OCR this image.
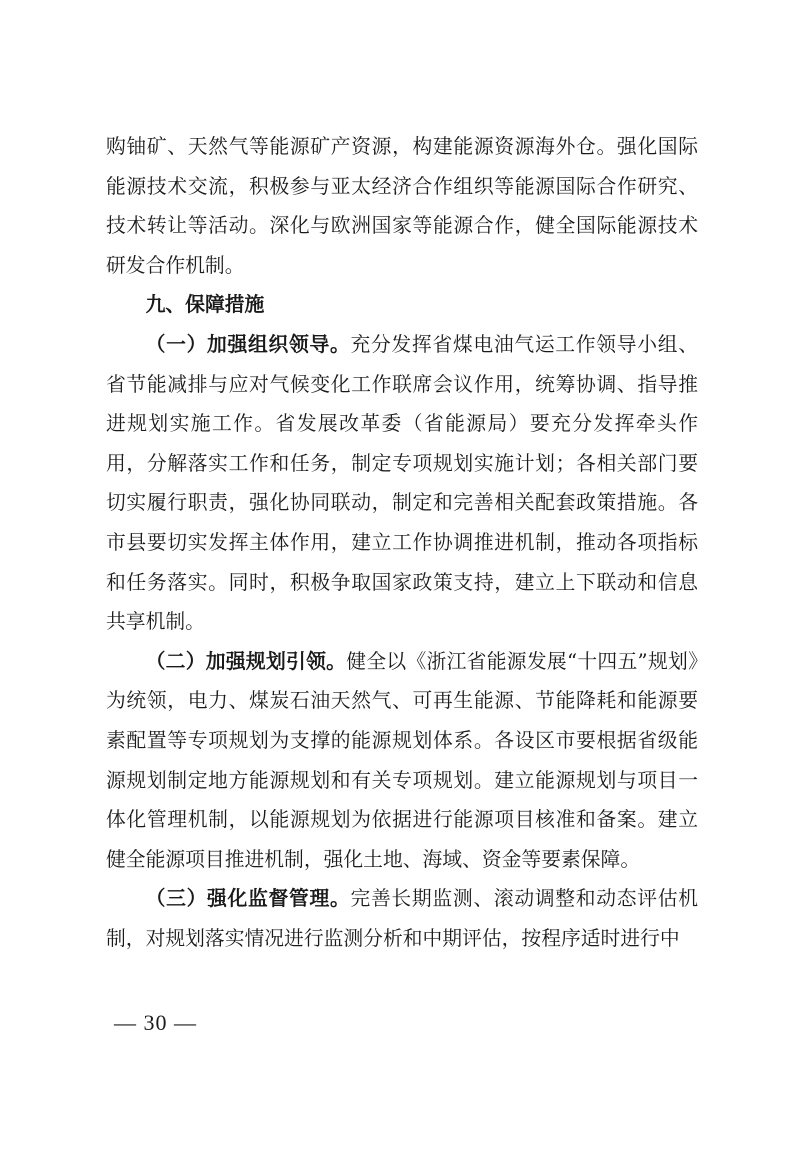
购铀矿、天然气等能源矿产资源，构建能源资源海外仓。强化国际能源技术交流，积极参与亚太经济合作组织等能源国际合作研究、技术转让等活动。深化与欧洲国家等能源合作，健全国际能源技术研发合作机制。

九、保障措施

（一）加强组织领导。充分发挥省煤电油气运工作领导小组、省节能减排与应对气候变化工作联席会议作用，统筹协调、指导推进规划实施工作。省发展改革委（省能源局）要充分发挥牵头作用，分解落实工作和任务，制定专项规划实施计划；各相关部门要切实履行职责，强化协同联动，制定和完善相关配套政策措施。各市县要切实发挥主体作用，建立工作协调推进机制，推动各项指标和任务落实。同时，积极争取国家政策支持，建立上下联动和信息共享机制。

（二）加强规划引领。健全以《浙江省能源发展“十四五”规划》为统领，电力、煤炭石油天然气、可再生能源、节能降耗和能源要素配置等专项规划为支撑的能源规划体系。各设区市要根据省级能源规划制定地方能源规划和有关专项规划。建立能源规划与项目一体化管理机制，以能源规划为依据进行能源项目核准和备案。建立健全能源项目推进机制，强化土地、海域、资金等要素保障。

（三）强化监督管理。完善长期监测、滚动调整和动态评估机制，对规划落实情况进行监测分析和中期评估，按程序适时进行中

— 30 —
